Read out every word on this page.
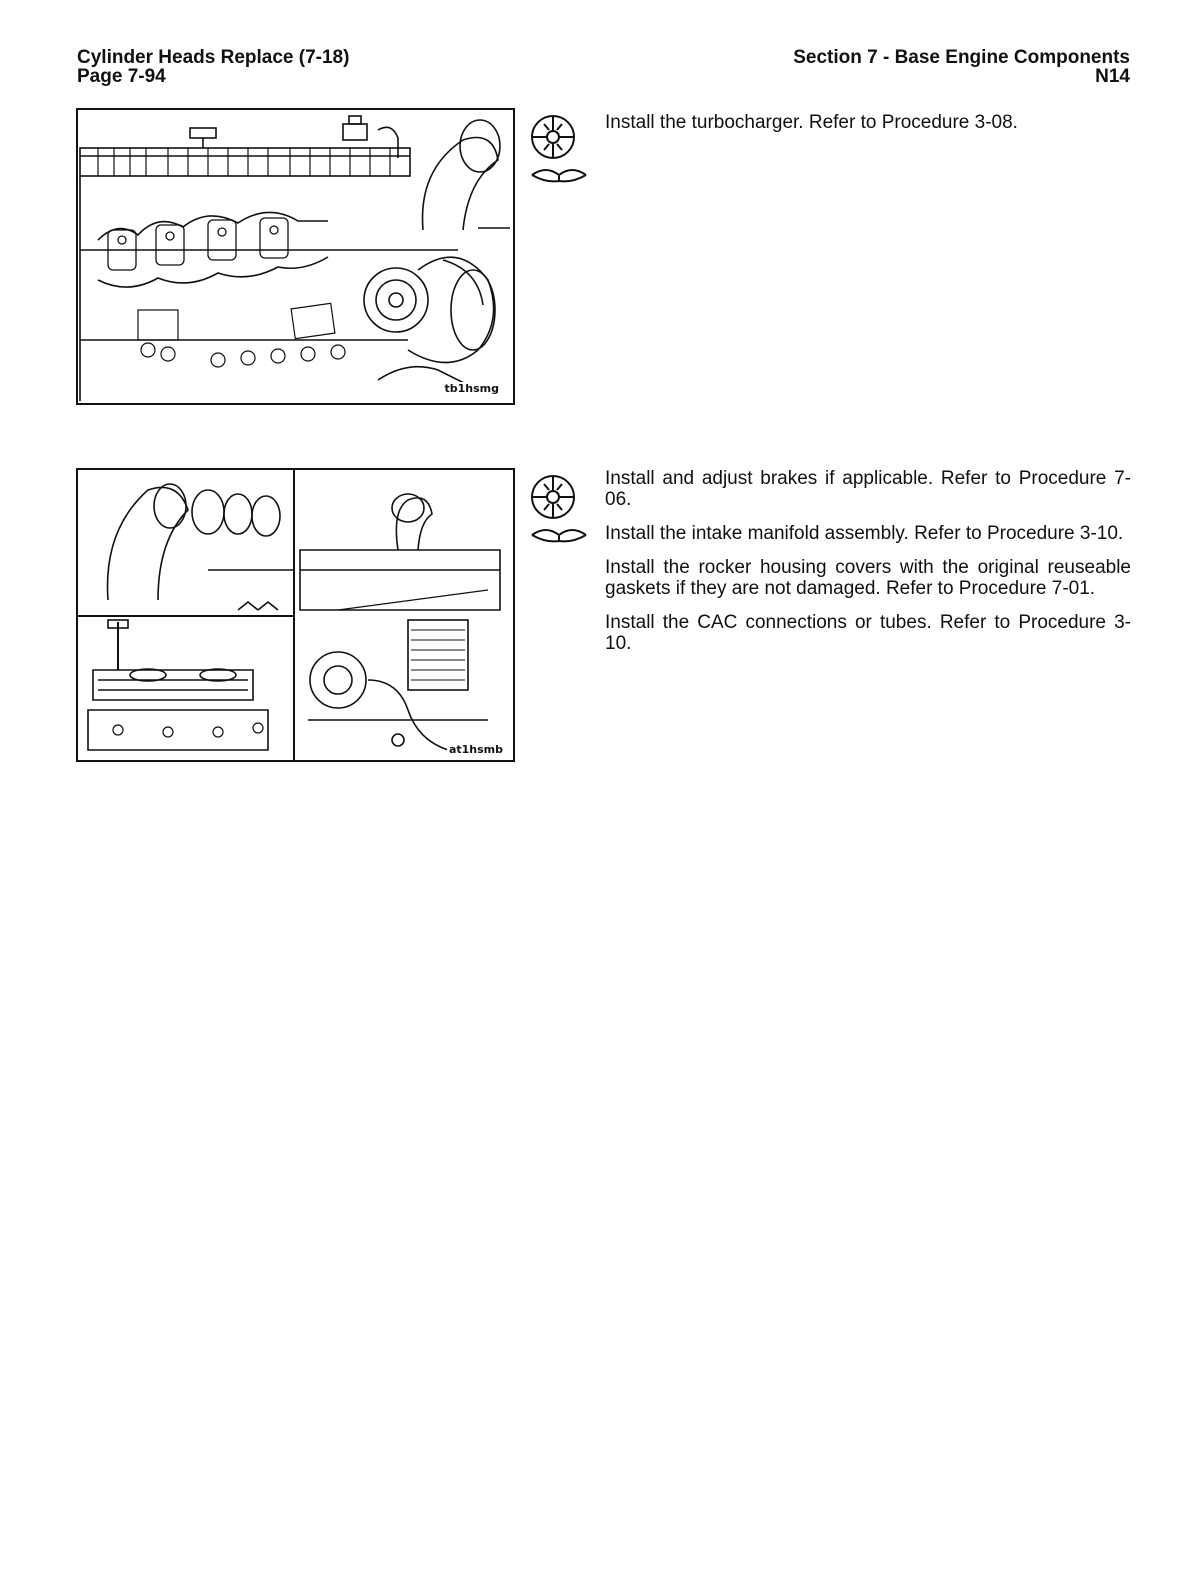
Cylinder Heads Replace (7-18)
Page 7-94
Section 7 - Base Engine Components
N14
tb1hsmg

Install the turbocharger. Refer to Procedure 3-08.

at1hsmb

Install and adjust brakes if applicable. Refer to Procedure 7-06.

Install the intake manifold assembly. Refer to Procedure 3-10.

Install the rocker housing covers with the original reuseable gaskets if they are not damaged. Refer to Procedure 7-01.

Install the CAC connections or tubes. Refer to Procedure 3-10.
